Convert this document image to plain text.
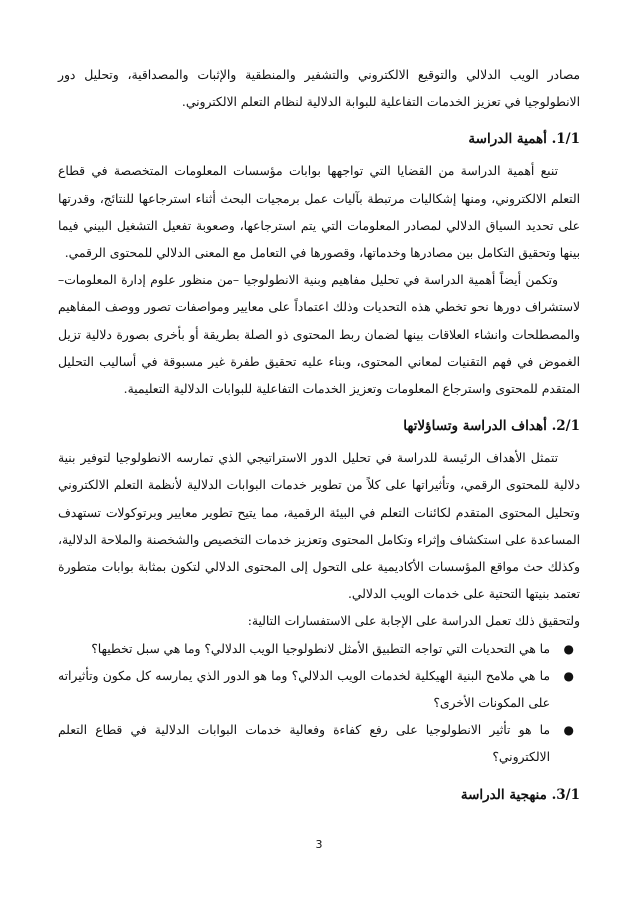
مصادر الويب الدلالي والتوقيع الالكتروني والتشفير والمنطقية والإثبات والمصداقية، وتحليل دور الانطولوجيا في تعزيز الخدمات التفاعلية للبوابة الدلالية لنظام التعلم الالكتروني.

1/1. أهمية الدراسة

تنبع أهمية الدراسة من القضايا التي تواجهها بوابات مؤسسات المعلومات المتخصصة في قطاع التعلم الالكتروني، ومنها إشكاليات مرتبطة بآليات عمل برمجيات البحث أثناء استرجاعها للنتائج، وقدرتها على تحديد السياق الدلالي لمصادر المعلومات التي يتم استرجاعها، وصعوبة تفعيل التشغيل البيني فيما بينها وتحقيق التكامل بين مصادرها وخدماتها، وقصورها في التعامل مع المعنى الدلالي للمحتوى الرقمي.

وتكمن أيضاً أهمية الدراسة في تحليل مفاهيم وبنية الانطولوجيا –من منظور علوم إدارة المعلومات– لاستشراف دورها نحو تخطي هذه التحديات وذلك اعتماداً على معايير ومواصفات تصور ووصف المفاهيم والمصطلحات وانشاء العلاقات بينها لضمان ربط المحتوى ذو الصلة بطريقة أو بأخرى بصورة دلالية تزيل الغموض في فهم التقنيات لمعاني المحتوى، وبناء عليه تحقيق طفرة غير مسبوقة في أساليب التحليل المتقدم للمحتوى واسترجاع المعلومات وتعزيز الخدمات التفاعلية للبوابات الدلالية التعليمية.

2/1. أهداف الدراسة وتساؤلاتها

تتمثل الأهداف الرئيسة للدراسة في تحليل الدور الاستراتيجي الذي تمارسه الانطولوجيا لتوفير بنية دلالية للمحتوى الرقمي، وتأثيراتها على كلاً من تطوير خدمات البوابات الدلالية لأنظمة التعلم الالكتروني وتحليل المحتوى المتقدم لكائنات التعلم في البيئة الرقمية، مما يتيح تطوير معايير وبرتوكولات تستهدف المساعدة على استكشاف وإثراء وتكامل المحتوى وتعزيز خدمات التخصيص والشخصنة والملاحة الدلالية، وكذلك حث مواقع المؤسسات الأكاديمية على التحول إلى المحتوى الدلالي لتكون بمثابة بوابات متطورة تعتمد بنيتها التحتية على خدمات الويب الدلالي.

ولتحقيق ذلك تعمل الدراسة على الإجابة على الاستفسارات التالية:

●
ما هي التحديات التي تواجه التطبيق الأمثل لانطولوجيا الويب الدلالي؟ وما هي سبل تخطيها؟
●
ما هي ملامح البنية الهيكلية لخدمات الويب الدلالي؟ وما هو الدور الذي يمارسه كل مكون وتأثيراته على المكونات الأخرى؟
●
ما هو تأثير الانطولوجيا على رفع كفاءة وفعالية خدمات البوابات الدلالية في قطاع التعلم الالكتروني؟
3/1. منهجية الدراسة
3
